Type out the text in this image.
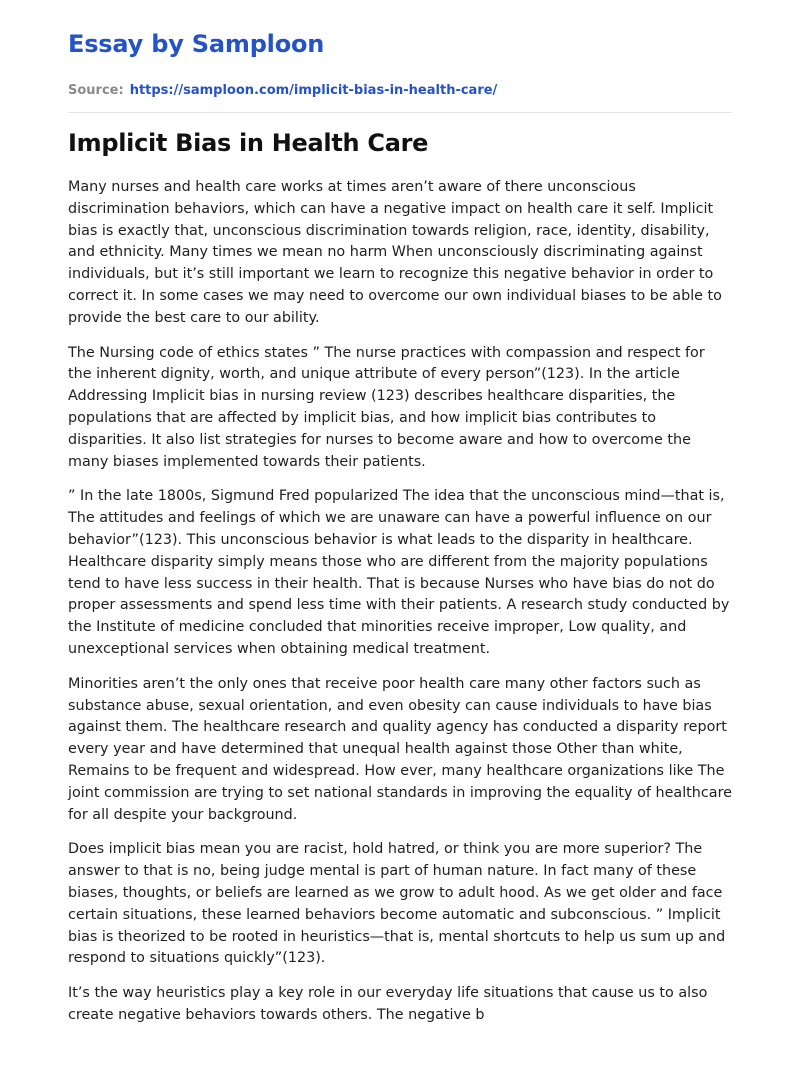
Essay by Samploon
Source: https://samploon.com/implicit-bias-in-health-care/
Implicit Bias in Health Care

Many nurses and health care works at times aren’t aware of there unconscious discrimination behaviors, which can have a negative impact on health care it self. Implicit bias is exactly that, unconscious discrimination towards religion, race, identity, disability, and ethnicity. Many times we mean no harm When unconsciously discriminating against individuals, but it’s still important we learn to recognize this negative behavior in order to correct it. In some cases we may need to overcome our own individual biases to be able to provide the best care to our ability.

The Nursing code of ethics states ” The nurse practices with compassion and respect for the inherent dignity, worth, and unique attribute of every person”(123). In the article Addressing Implicit bias in nursing review (123) describes healthcare disparities, the populations that are affected by implicit bias, and how implicit bias contributes to disparities. It also list strategies for nurses to become aware and how to overcome the many biases implemented towards their patients.

” In the late 1800s, Sigmund Fred popularized The idea that the unconscious mind—that is, The attitudes and feelings of which we are unaware can have a powerful influence on our behavior”(123). This unconscious behavior is what leads to the disparity in healthcare. Healthcare disparity simply means those who are different from the majority populations tend to have less success in their health. That is because Nurses who have bias do not do proper assessments and spend less time with their patients. A research study conducted by the Institute of medicine concluded that minorities receive improper, Low quality, and unexceptional services when obtaining medical treatment.

Minorities aren’t the only ones that receive poor health care many other factors such as substance abuse, sexual orientation, and even obesity can cause individuals to have bias against them. The healthcare research and quality agency has conducted a disparity report every year and have determined that unequal health against those Other than white, Remains to be frequent and widespread. How ever, many healthcare organizations like The joint commission are trying to set national standards in improving the equality of healthcare for all despite your background.

Does implicit bias mean you are racist, hold hatred, or think you are more superior? The answer to that is no, being judge mental is part of human nature. In fact many of these biases, thoughts, or beliefs are learned as we grow to adult hood. As we get older and face certain situations, these learned behaviors become automatic and subconscious. ” Implicit bias is theorized to be rooted in heuristics—that is, mental shortcuts to help us sum up and respond to situations quickly”(123).

It’s the way heuristics play a key role in our everyday life situations that cause us to also create negative behaviors towards others. The negative b
